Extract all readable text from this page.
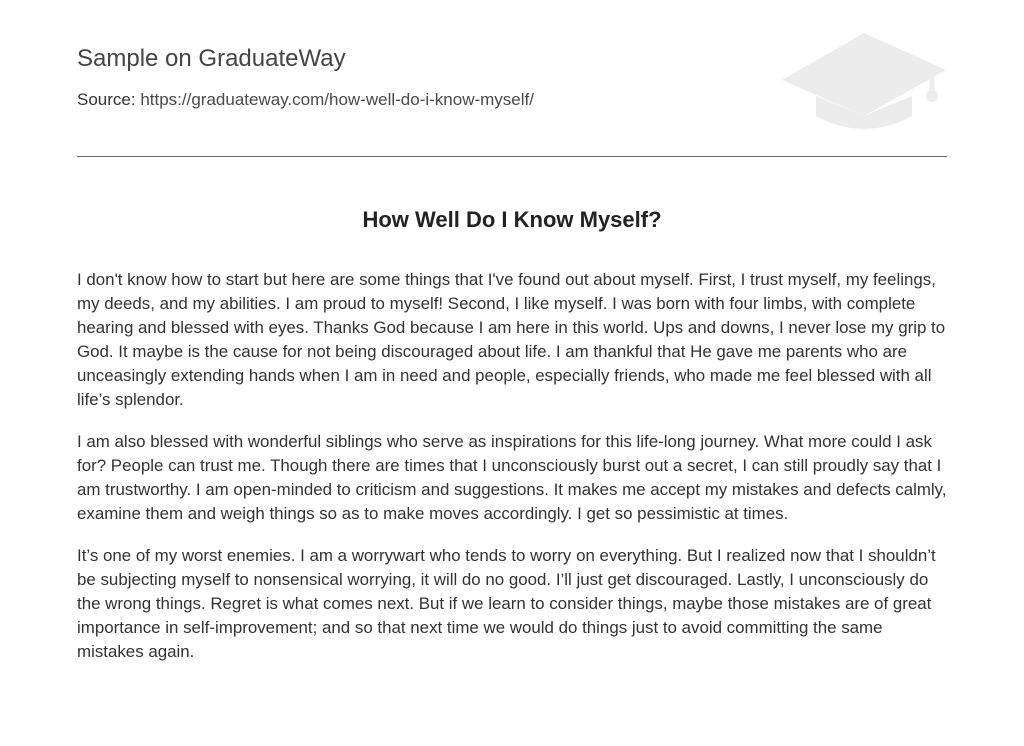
Sample on GraduateWay
Source: https://graduateway.com/how-well-do-i-know-myself/
How Well Do I Know Myself?

I don't know how to start but here are some things that I've found out about myself. First, I trust myself, my feelings, my deeds, and my abilities. I am proud to myself! Second, I like myself. I was born with four limbs, with complete hearing and blessed with eyes. Thanks God because I am here in this world. Ups and downs, I never lose my grip to God. It maybe is the cause for not being discouraged about life. I am thankful that He gave me parents who are unceasingly extending hands when I am in need and people, especially friends, who made me feel blessed with all life’s splendor.

I am also blessed with wonderful siblings who serve as inspirations for this life-long journey. What more could I ask for? People can trust me. Though there are times that I unconsciously burst out a secret, I can still proudly say that I am trustworthy. I am open-minded to criticism and suggestions. It makes me accept my mistakes and defects calmly, examine them and weigh things so as to make moves accordingly. I get so pessimistic at times.

It’s one of my worst enemies. I am a worrywart who tends to worry on everything. But I realized now that I shouldn’t be subjecting myself to nonsensical worrying, it will do no good. I’ll just get discouraged. Lastly, I unconsciously do the wrong things. Regret is what comes next. But if we learn to consider things, maybe those mistakes are of great importance in self-improvement; and so that next time we would do things just to avoid committing the same mistakes again.
